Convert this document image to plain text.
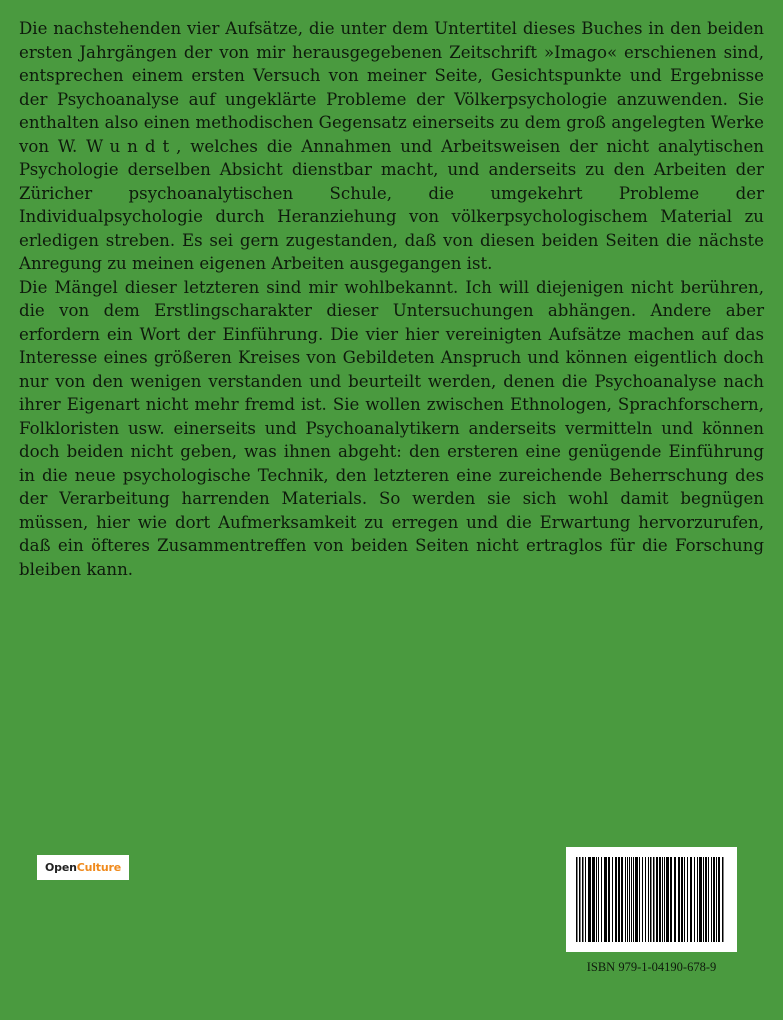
Die nachstehenden vier Aufsätze, die unter dem Untertitel dieses Buches in den beiden ersten Jahrgängen der von mir herausgegebenen Zeitschrift »Imago« erschienen sind, entsprechen einem ersten Versuch von meiner Seite, Gesichtspunkte und Ergebnisse der Psychoanalyse auf ungeklärte Probleme der Völkerpsychologie anzuwenden. Sie enthalten also einen methodischen Gegensatz einerseits zu dem groß angelegten Werke von W. Wundt, welches die Annahmen und Arbeitsweisen der nicht analytischen Psychologie derselben Absicht dienstbar macht, und anderseits zu den Arbeiten der Züricher psychoanalytischen Schule, die umgekehrt Probleme der Individualpsychologie durch Heranziehung von völkerpsychologischem Material zu erledigen streben. Es sei gern zugestanden, daß von diesen beiden Seiten die nächste Anregung zu meinen eigenen Arbeiten ausgegangen ist.

Die Mängel dieser letzteren sind mir wohlbekannt. Ich will diejenigen nicht berühren, die von dem Erstlingscharakter dieser Untersuchungen abhängen. Andere aber erfordern ein Wort der Einführung. Die vier hier vereinigten Aufsätze machen auf das Interesse eines größeren Kreises von Gebildeten Anspruch und können eigentlich doch nur von den wenigen verstanden und beurteilt werden, denen die Psychoanalyse nach ihrer Eigenart nicht mehr fremd ist. Sie wollen zwischen Ethnologen, Sprachforschern, Folkloristen usw. einerseits und Psychoanalytikern anderseits vermitteln und können doch beiden nicht geben, was ihnen abgeht: den ersteren eine genügende Einführung in die neue psychologische Technik, den letzteren eine zureichende Beherrschung des der Verarbeitung harrenden Materials. So werden sie sich wohl damit begnügen müssen, hier wie dort Aufmerksamkeit zu erregen und die Erwartung hervorzurufen, daß ein öfteres Zusammentreffen von beiden Seiten nicht ertraglos für die Forschung bleiben kann.

Open Culture
ISBN 979-1-04190-678-9
